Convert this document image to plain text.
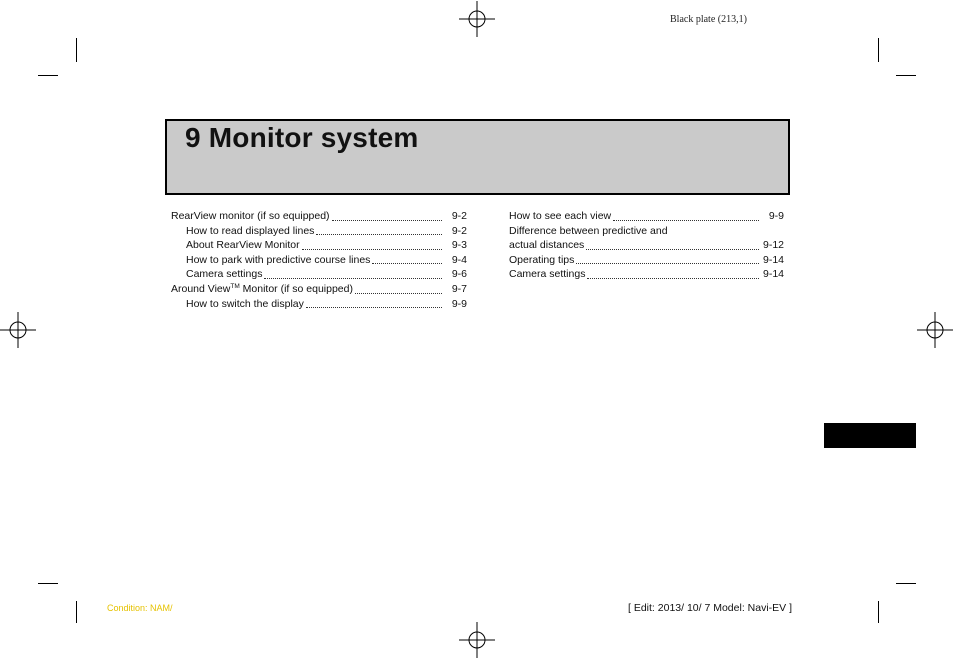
Black plate (213,1)
9 Monitor system
RearView monitor (if so equipped)	9-2
How to read displayed lines	9-2
About RearView Monitor	9-3
How to park with predictive course lines	9-4
Camera settings	9-6
Around View™ Monitor (if so equipped)	9-7
How to switch the display	9-9
How to see each view	9-9
Difference between predictive and
actual distances	9-12
Operating tips	9-14
Camera settings	9-14
Condition: NAM/	[ Edit: 2013/ 10/ 7 Model: Navi-EV ]
